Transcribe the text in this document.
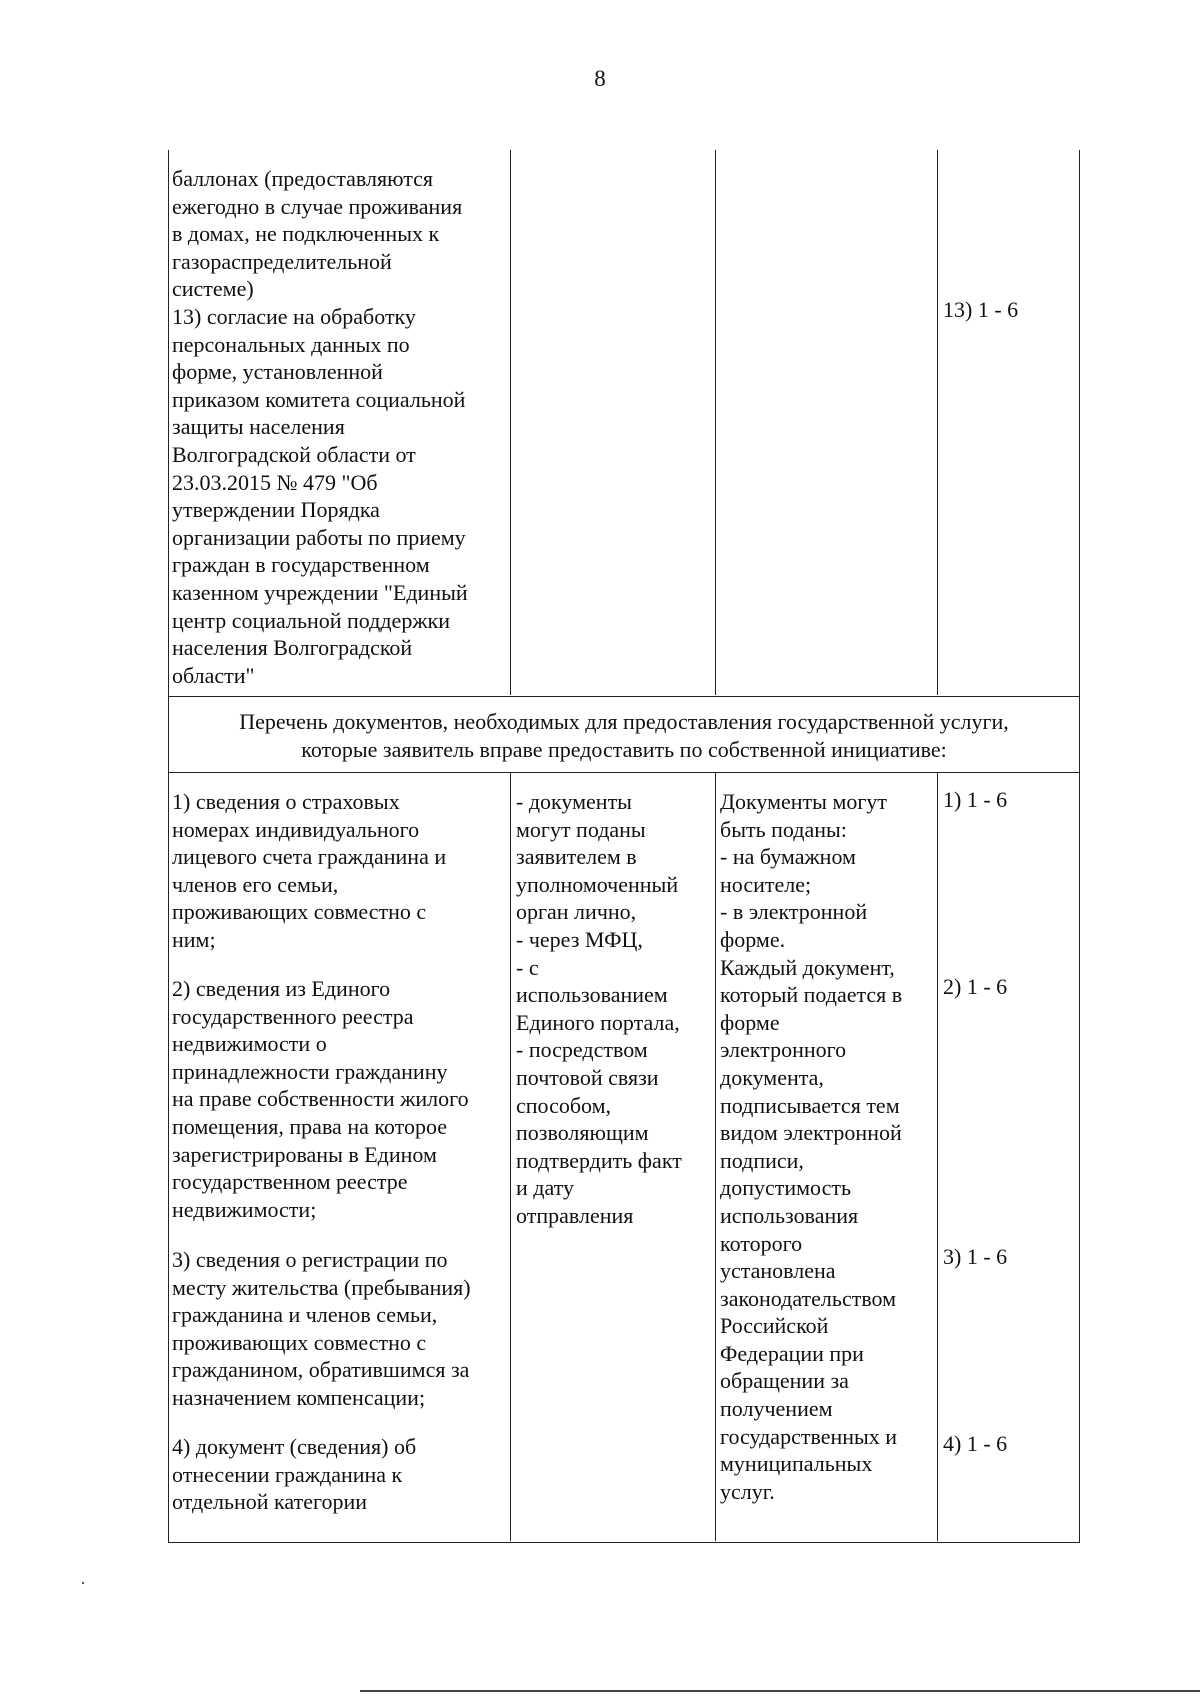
8
баллонах (предоставляются
ежегодно в случае проживания
в домах, не подключенных к
газораспределительной
системе)
13) согласие на обработку
персональных данных по
форме, установленной
приказом комитета социальной
защиты населения
Волгоградской области от
23.03.2015 № 479 "Об
утверждении Порядка
организации работы по приему
граждан в государственном
казенном учреждении "Единый
центр социальной поддержки
населения Волгоградской
области"
13) 1 - 6
Перечень документов, необходимых для предоставления государственной услуги,
которые заявитель вправе предоставить по собственной инициативе:
1) сведения о страховых
номерах индивидуального
лицевого счета гражданина и
членов его семьи,
проживающих совместно с
ним;
2) сведения из Единого
государственного реестра
недвижимости о
принадлежности гражданину
на праве собственности жилого
помещения, права на которое
зарегистрированы в Едином
государственном реестре
недвижимости;
3) сведения о регистрации по
месту жительства (пребывания)
гражданина и членов семьи,
проживающих совместно с
гражданином, обратившимся за
назначением компенсации;
4) документ (сведения) об
отнесении гражданина к
отдельной категории
- документы
могут поданы
заявителем в
уполномоченный
орган лично,
- через МФЦ,
- с
использованием
Единого портала,
- посредством
почтовой связи
способом,
позволяющим
подтвердить факт
и дату
отправления
Документы могут
быть поданы:
- на бумажном
носителе;
- в электронной
форме.
Каждый документ,
который подается в
форме
электронного
документа,
подписывается тем
видом электронной
подписи,
допустимость
использования
которого
установлена
законодательством
Российской
Федерации при
обращении за
получением
государственных и
муниципальных
услуг.
1) 1 - 6
2) 1 - 6
3) 1 - 6
4) 1 - 6
